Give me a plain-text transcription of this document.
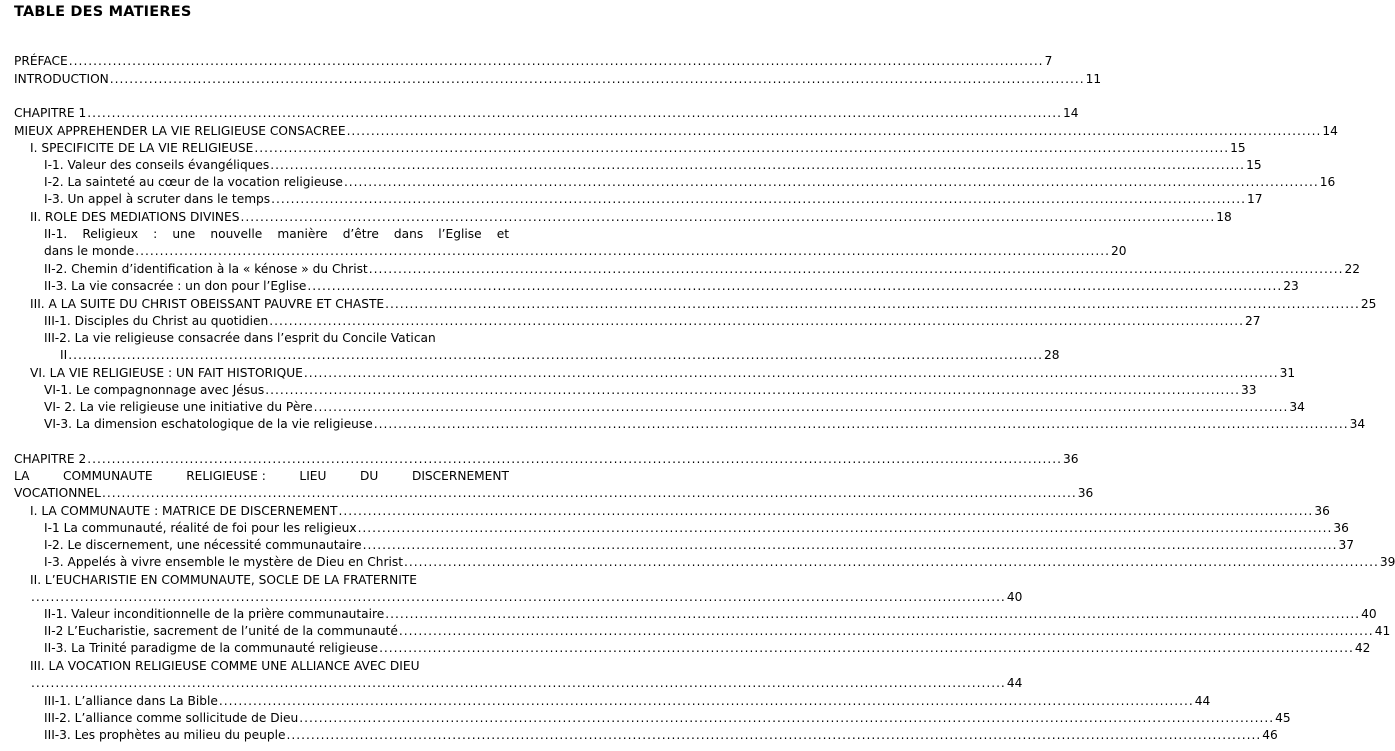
TABLE DES MATIERES
PRÉFACE ........................................................................................................................................................................................................ 7
INTRODUCTION ........................................................................................................................................................................................................ 11
CHAPITRE 1 ........................................................................................................................................................................................................ 14
MIEUX APPREHENDER LA VIE RELIGIEUSE CONSACREE ........................................................................................................................................................................................................ 14
I. SPECIFICITE DE LA VIE RELIGIEUSE ........................................................................................................................................................................................................ 15
I-1. Valeur des conseils évangéliques ........................................................................................................................................................................................................ 15
I-2. La sainteté au cœur de la vocation religieuse ........................................................................................................................................................................................................ 16
I-3. Un appel à scruter dans le temps ........................................................................................................................................................................................................ 17
II. ROLE DES MEDIATIONS DIVINES ........................................................................................................................................................................................................ 18
II-1. Religieux : une nouvelle manière d’être dans l’Eglise et
dans le monde ........................................................................................................................................................................................................ 20
II-2. Chemin d’identification à la « kénose » du Christ ........................................................................................................................................................................................................ 22
II-3. La vie consacrée : un don pour l’Eglise ........................................................................................................................................................................................................ 23
III. A LA SUITE DU CHRIST OBEISSANT PAUVRE ET CHASTE ........................................................................................................................................................................................................ 25
III-1. Disciples du Christ au quotidien ........................................................................................................................................................................................................ 27
III-2. La vie religieuse consacrée dans l’esprit du Concile Vatican
II ........................................................................................................................................................................................................ 28
VI. LA VIE RELIGIEUSE : UN FAIT HISTORIQUE ........................................................................................................................................................................................................ 31
VI-1. Le compagnonnage avec Jésus ........................................................................................................................................................................................................ 33
VI- 2. La vie religieuse une initiative du Père ........................................................................................................................................................................................................ 34
VI-3. La dimension eschatologique de la vie religieuse ........................................................................................................................................................................................................ 34
CHAPITRE 2 ........................................................................................................................................................................................................ 36
LA	COMMUNAUTE	RELIGIEUSE :	LIEU	DU	DISCERNEMENT
VOCATIONNEL ........................................................................................................................................................................................................ 36
I. LA COMMUNAUTE : MATRICE DE DISCERNEMENT ........................................................................................................................................................................................................ 36
I-1 La communauté, réalité de foi pour les religieux ........................................................................................................................................................................................................ 36
I-2. Le discernement, une nécessité communautaire ........................................................................................................................................................................................................ 37
I-3. Appelés à vivre ensemble le mystère de Dieu en Christ ........................................................................................................................................................................................................ 39
II. L’EUCHARISTIE EN COMMUNAUTE, SOCLE DE LA FRATERNITE
........................................................................................................................................................................................................ 40
II-1. Valeur inconditionnelle de la prière communautaire ........................................................................................................................................................................................................ 40
II-2 L’Eucharistie, sacrement de l’unité de la communauté ........................................................................................................................................................................................................ 41
II-3. La Trinité paradigme de la communauté religieuse ........................................................................................................................................................................................................ 42
III. LA VOCATION RELIGIEUSE COMME UNE ALLIANCE AVEC DIEU
........................................................................................................................................................................................................ 44
III-1. L’alliance dans La Bible ........................................................................................................................................................................................................ 44
III-2. L’alliance comme sollicitude de Dieu ........................................................................................................................................................................................................ 45
III-3. Les prophètes au milieu du peuple ........................................................................................................................................................................................................ 46
